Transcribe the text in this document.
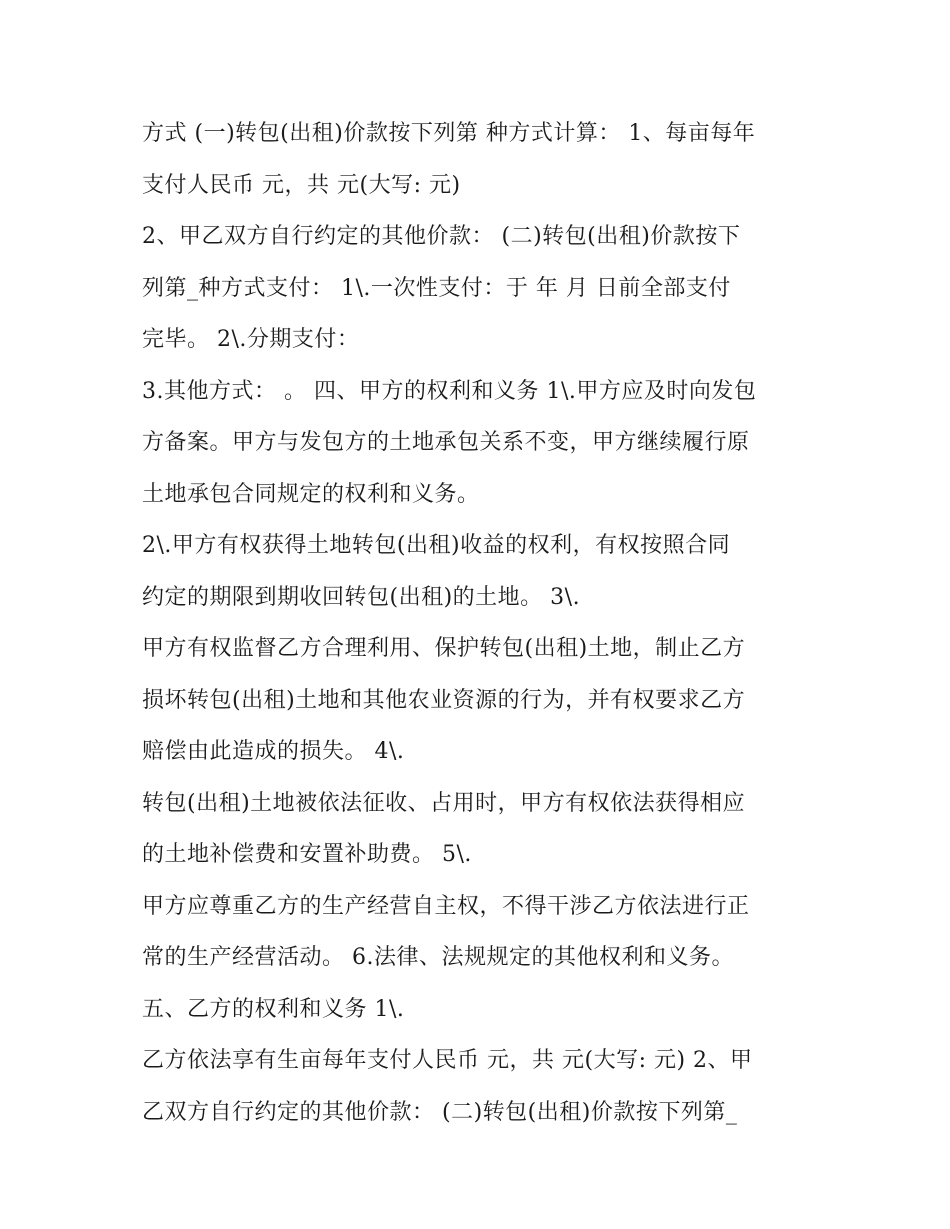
方式 (一)转包(出租)价款按下列第 种方式计算： 1、每亩每年
支付人民币 元，共 元(大写: 元)
2、甲乙双方自行约定的其他价款： (二)转包(出租)价款按下
列第_种方式支付： 1\.一次性支付：于 年 月 日前全部支付
完毕。 2\.分期支付：
3.其他方式： 。 四、甲方的权利和义务 1\.甲方应及时向发包
方备案。甲方与发包方的土地承包关系不变，甲方继续履行原
土地承包合同规定的权利和义务。
2\.甲方有权获得土地转包(出租)收益的权利，有权按照合同
约定的期限到期收回转包(出租)的土地。 3\.
甲方有权监督乙方合理利用、保护转包(出租)土地，制止乙方
损坏转包(出租)土地和其他农业资源的行为，并有权要求乙方
赔偿由此造成的损失。 4\.
转包(出租)土地被依法征收、占用时，甲方有权依法获得相应
的土地补偿费和安置补助费。 5\.
甲方应尊重乙方的生产经营自主权，不得干涉乙方依法进行正
常的生产经营活动。 6.法律、法规规定的其他权利和义务。
五、乙方的权利和义务 1\.
乙方依法享有生亩每年支付人民币 元，共 元(大写: 元) 2、甲
乙双方自行约定的其他价款： (二)转包(出租)价款按下列第_
